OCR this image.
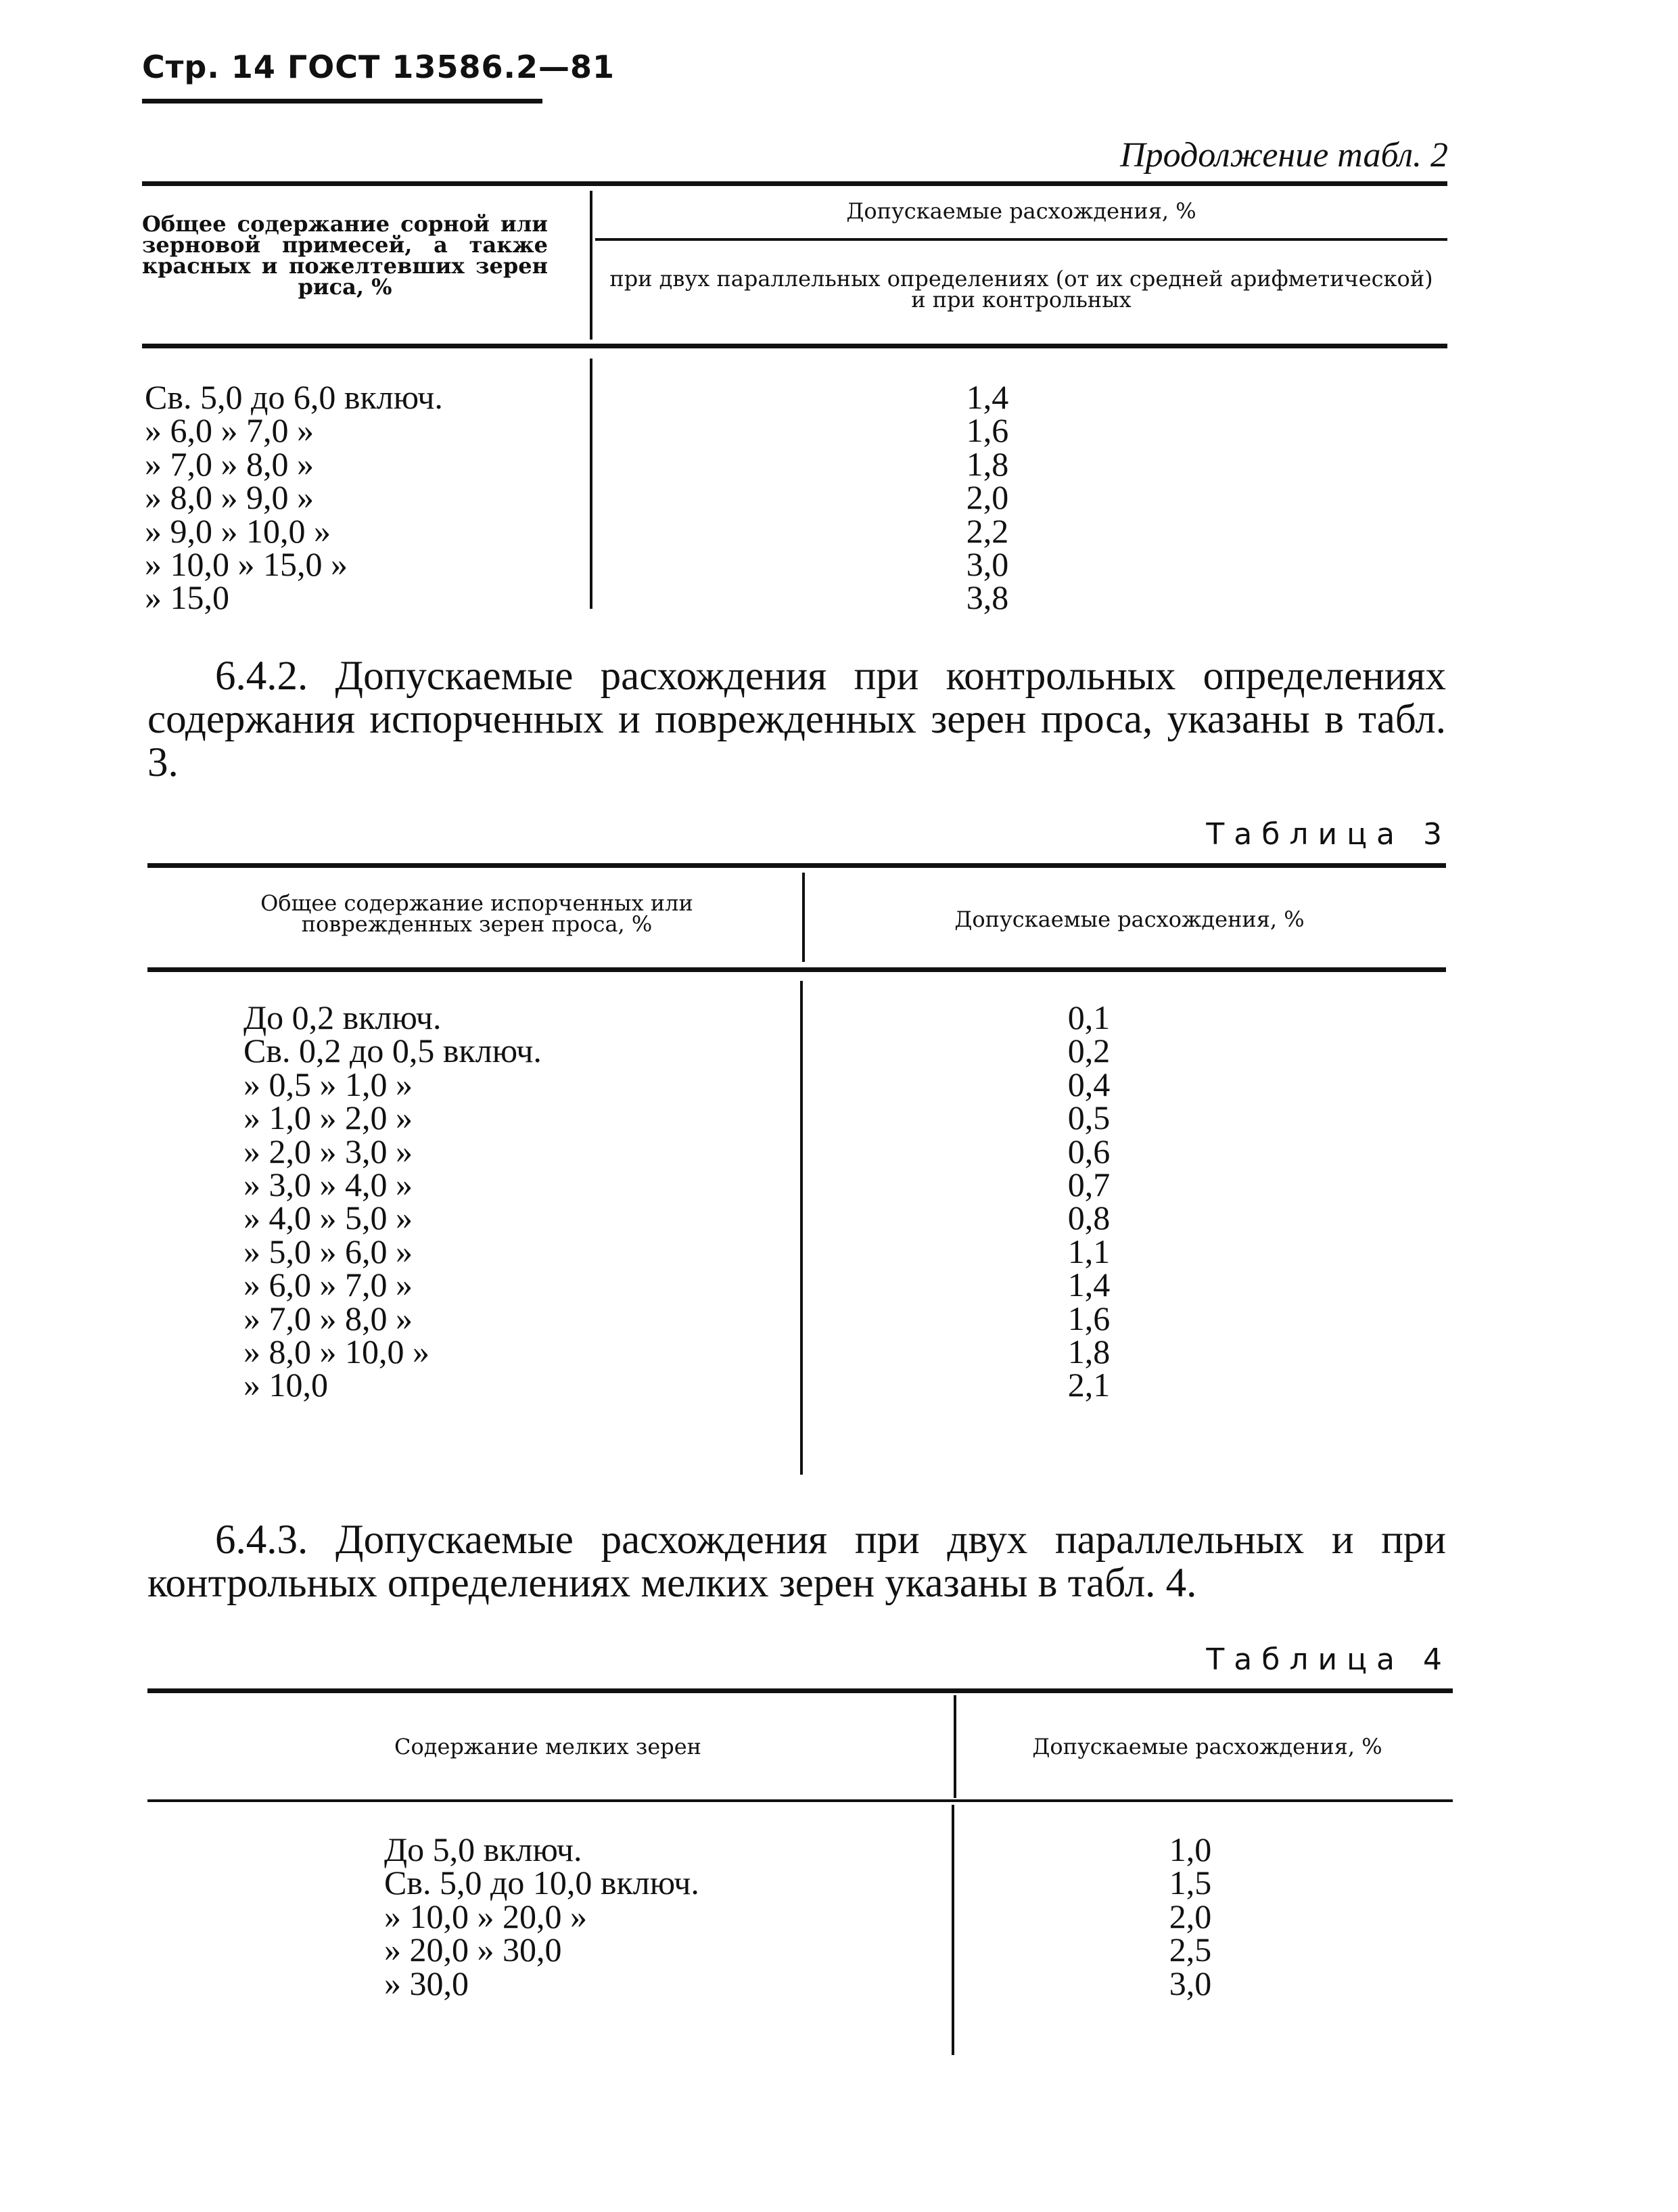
Стр. 14 ГОСТ 13586.2—81
Продолжение табл. 2
Общее содержание сорной или зерновой примесей, а также красных и пожелтевших зерен риса, %
Допускаемые расхождения, %
при двух параллельных определениях (от их средней арифметической) и при контрольных
Св. 5,0 до 6,0 включ.
» 6,0 » 7,0 »
» 7,0 » 8,0 »
» 8,0 » 9,0 »
» 9,0 » 10,0 »
» 10,0 » 15,0 »
» 15,0
1,4
1,6
1,8
2,0
2,2
3,0
3,8
6.4.2. Допускаемые расхождения при контрольных определениях содержания испорченных и поврежденных зерен проса, указаны в табл. 3.
Таблица 3
Общее содержание испорченных или поврежденных зерен проса, %	Допускаемые расхождения, %
До 0,2 включ.
Св. 0,2 до 0,5 включ.
» 0,5 » 1,0 »
» 1,0 » 2,0 »
» 2,0 » 3,0 »
» 3,0 » 4,0 »
» 4,0 » 5,0 »
» 5,0 » 6,0 »
» 6,0 » 7,0 »
» 7,0 » 8,0 »
» 8,0 » 10,0 »
» 10,0
0,1
0,2
0,4
0,5
0,6
0,7
0,8
1,1
1,4
1,6
1,8
2,1
6.4.3. Допускаемые расхождения при двух параллельных и при контрольных определениях мелких зерен указаны в табл. 4.
Таблица 4
Содержание мелких зерен	Допускаемые расхождения, %
До 5,0 включ.
Св. 5,0 до 10,0 включ.
» 10,0 » 20,0 »
» 20,0 » 30,0
» 30,0
1,0
1,5
2,0
2,5
3,0
